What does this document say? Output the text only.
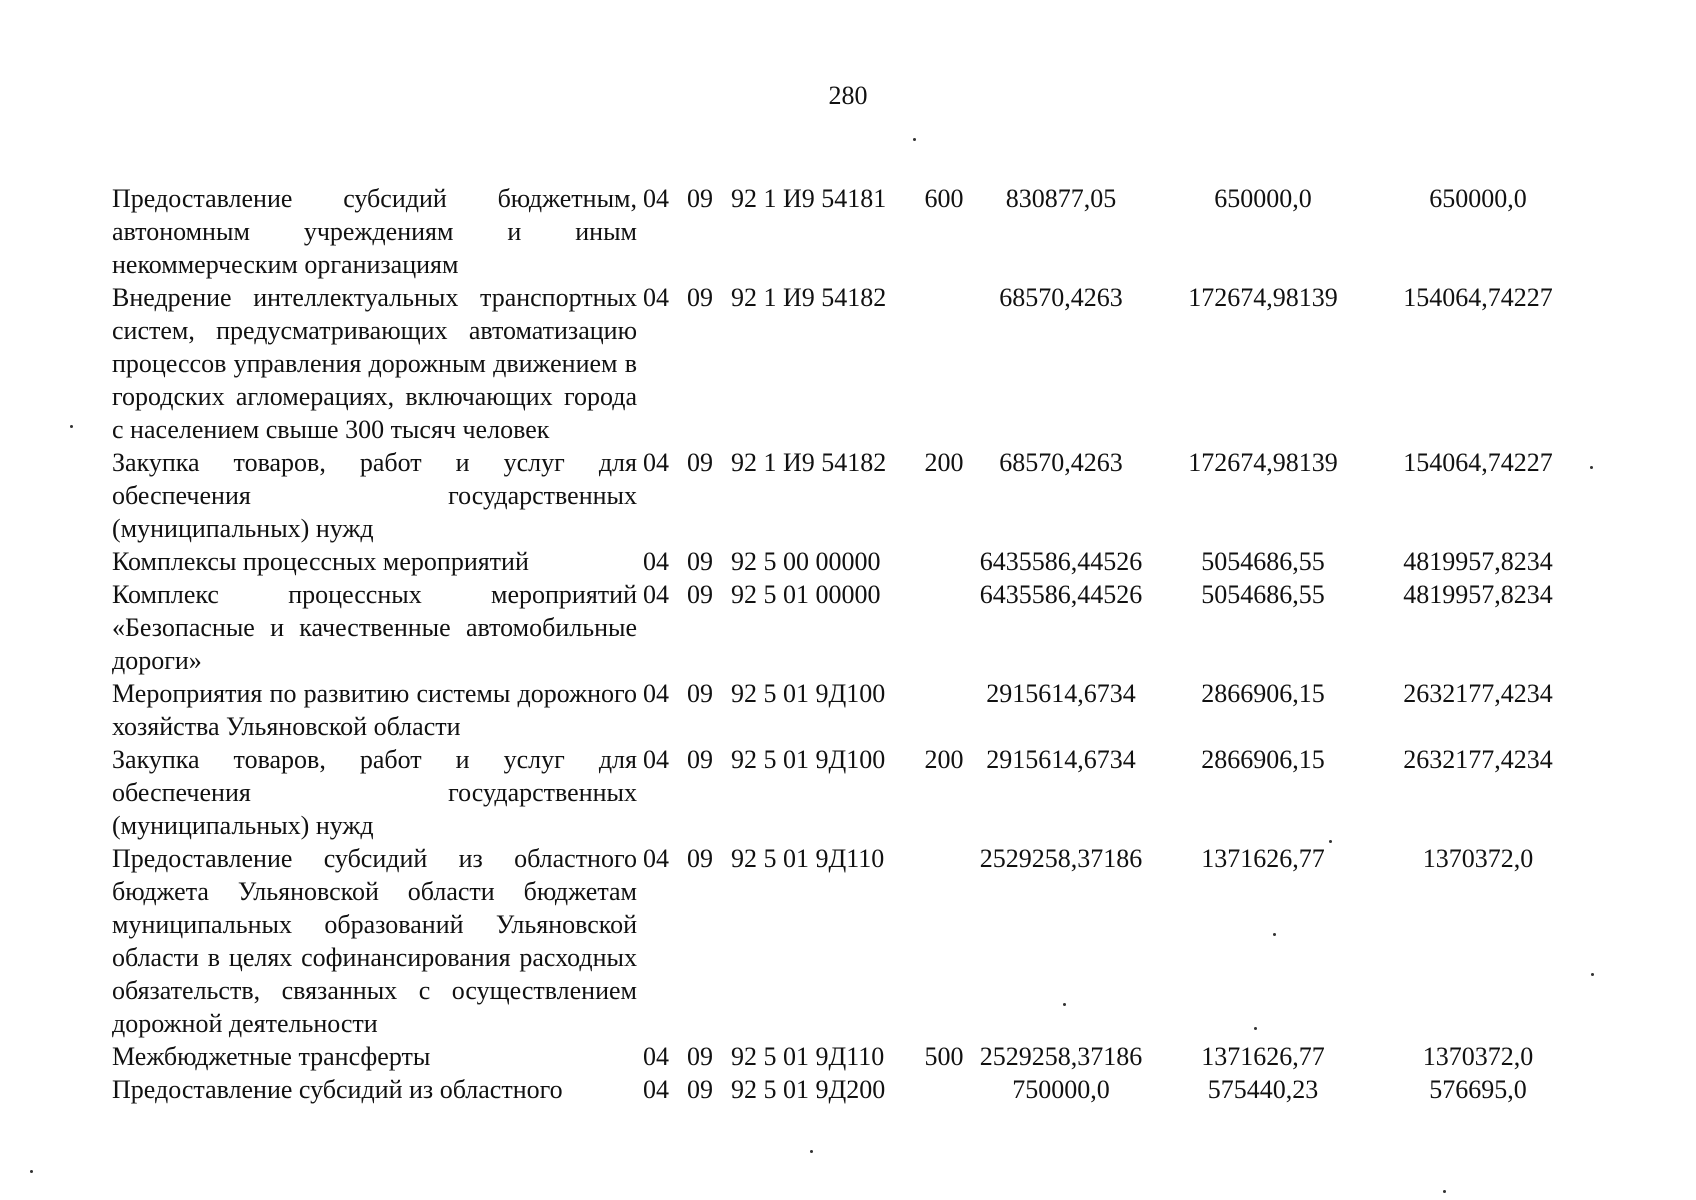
280
Предоставление субсидий бюджетным, автономным учреждениям и иным некоммерческим организациям	04	09	92 1 И9 54181	600	830877,05	650000,0	650000,0
Внедрение интеллектуальных транспортных систем, предусматривающих автоматизацию процессов управления дорожным движением в городских агломерациях, включающих города с населением свыше 300 тысяч человек	04	09	92 1 И9 54182		68570,4263	172674,98139	154064,74227
Закупка товаров, работ и услуг для обеспечения государственных (муниципальных) нужд	04	09	92 1 И9 54182	200	68570,4263	172674,98139	154064,74227
Комплексы процессных мероприятий	04	09	92 5 00 00000		6435586,44526	5054686,55	4819957,8234
Комплекс процессных мероприятий «Безопасные и качественные автомобильные дороги»	04	09	92 5 01 00000		6435586,44526	5054686,55	4819957,8234
Мероприятия по развитию системы дорожного хозяйства Ульяновской области	04	09	92 5 01 9Д100		2915614,6734	2866906,15	2632177,4234
Закупка товаров, работ и услуг для обеспечения государственных (муниципальных) нужд	04	09	92 5 01 9Д100	200	2915614,6734	2866906,15	2632177,4234
Предоставление субсидий из областного бюджета Ульяновской области бюджетам муниципальных образований Ульяновской области в целях софинансирования расходных обязательств, связанных с осуществлением дорожной деятельности	04	09	92 5 01 9Д110		2529258,37186	1371626,77	1370372,0
Межбюджетные трансферты	04	09	92 5 01 9Д110	500	2529258,37186	1371626,77	1370372,0
Предоставление субсидий из областного	04	09	92 5 01 9Д200		750000,0	575440,23	576695,0
